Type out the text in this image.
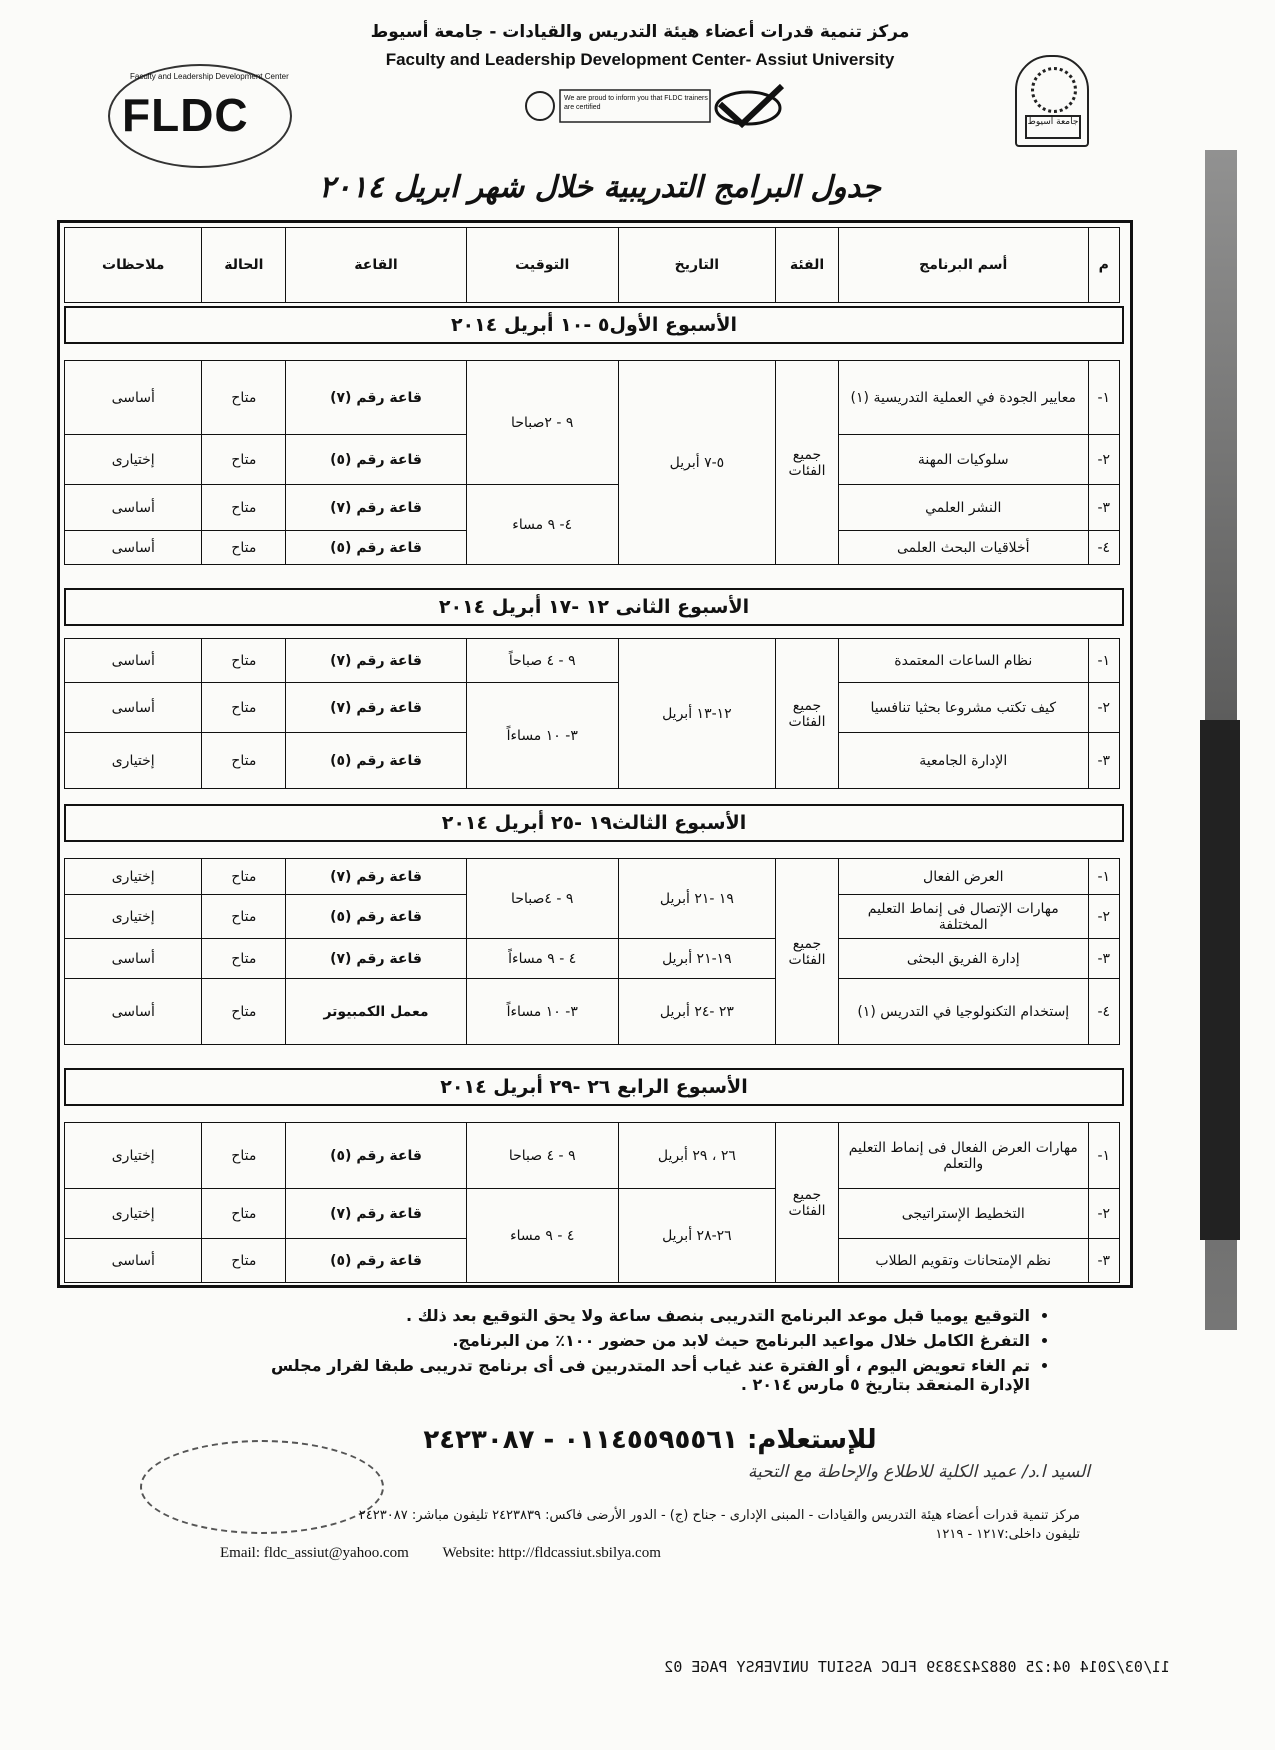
مركز تنمية قدرات أعضاء هيئة التدريس والقيادات - جامعة أسيوط
Faculty and Leadership Development Center- Assiut University
Faculty and Leadership Development Center
FLDC	جامعة أسيوط
We are proud to inform you that FLDC trainers are certified
جدول البرامج التدريبية خلال شهر ابريل ٢٠١٤
م	أسم البرنامج	الفئة	التاريخ	التوقيت	القاعة	الحالة	ملاحظات
الأسبوع الأول٥ -١٠ أبريل ٢٠١٤
١-	معايير الجودة في العملية التدريسية (١)	جميع الفئات	٥-٧ أبريل	٩ - ٢صباحا	قاعة رقم (٧)	متاح	أساسى
٢-	سلوكيات المهنة				قاعة رقم (٥)	متاح	إختيارى
٣-	النشر العلمي			٤- ٩ مساء	قاعة رقم (٧)	متاح	أساسى
٤-	أخلاقيات البحث العلمى				قاعة رقم (٥)	متاح	أساسى
الأسبوع الثانى ١٢ -١٧ أبريل ٢٠١٤
١-	نظام الساعات المعتمدة	جميع الفئات	١٢-١٣ أبريل	٩ - ٤ صباحاً	قاعة رقم (٧)	متاح	أساسى
٢-	كيف تكتب مشروعا بحثيا تنافسيا			٣- ١٠ مساءاً	قاعة رقم (٧)	متاح	أساسى
٣-	الإدارة الجامعية				قاعة رقم (٥)	متاح	إختيارى
الأسبوع الثالث١٩ -٢٥ أبريل ٢٠١٤
١-	العرض الفعال	جميع الفئات	١٩ -٢١ أبريل	٩ - ٤صباحا	قاعة رقم (٧)	متاح	إختيارى
٢-	مهارات الإتصال فى إنماط التعليم المختلفة				قاعة رقم (٥)	متاح	إختيارى
٣-	إدارة الفريق البحثى		١٩-٢١ أبريل	٤ - ٩ مساءاً	قاعة رقم (٧)	متاح	أساسى
٤-	إستخدام التكنولوجيا في التدريس (١)		٢٣ -٢٤ أبريل	٣- ١٠ مساءاً	معمل الكمبيوتر	متاح	أساسى
الأسبوع الرابع ٢٦ -٢٩ أبريل ٢٠١٤
١-	مهارات العرض الفعال فى إنماط التعليم والتعلم	جميع الفئات	٢٦ ، ٢٩ أبريل	٩ - ٤ صباحا	قاعة رقم (٥)	متاح	إختيارى
٢-	التخطيط الإستراتيجى		٢٦-٢٨ أبريل	٤ - ٩ مساء	قاعة رقم (٧)	متاح	إختيارى
٣-	نظم الإمتحانات وتقويم الطلاب				قاعة رقم (٥)	متاح	أساسى
• التوقيع يوميا قبل موعد البرنامج التدريبى بنصف ساعة ولا يحق التوقيع بعد ذلك .
• التفرغ الكامل خلال مواعيد البرنامج حيث لابد من حضور ١٠٠٪ من البرنامج.
• تم الغاء تعويض اليوم ، أو الفترة عند غياب أحد المتدربين فى أى برنامج تدريبى طبقا لقرار مجلس الإدارة المنعقد بتاريخ ٥ مارس ٢٠١٤ .
للإستعلام: ٠١١٤٥٥٩٥٥٦١ - ٢٤٢٣٠٨٧
السيد ا.د/ عميد الكلية للاطلاع والإحاطة مع التحية
مركز تنمية قدرات أعضاء هيئة التدريس والقيادات - المبنى الإدارى - جناح (ج) - الدور الأرضى فاكس: ٢٤٢٣٨٣٩ تليفون مباشر: ٢٤٢٣٠٨٧
تليفون داخلى:١٢١٧ - ١٢١٩
Email: fldc_assiut@yahoo.com Website: http://fldcassiut.sbilya.com
11/03/2014 04:25 0882423839 FLDC ASSIUT UNIVERSY PAGE 02
